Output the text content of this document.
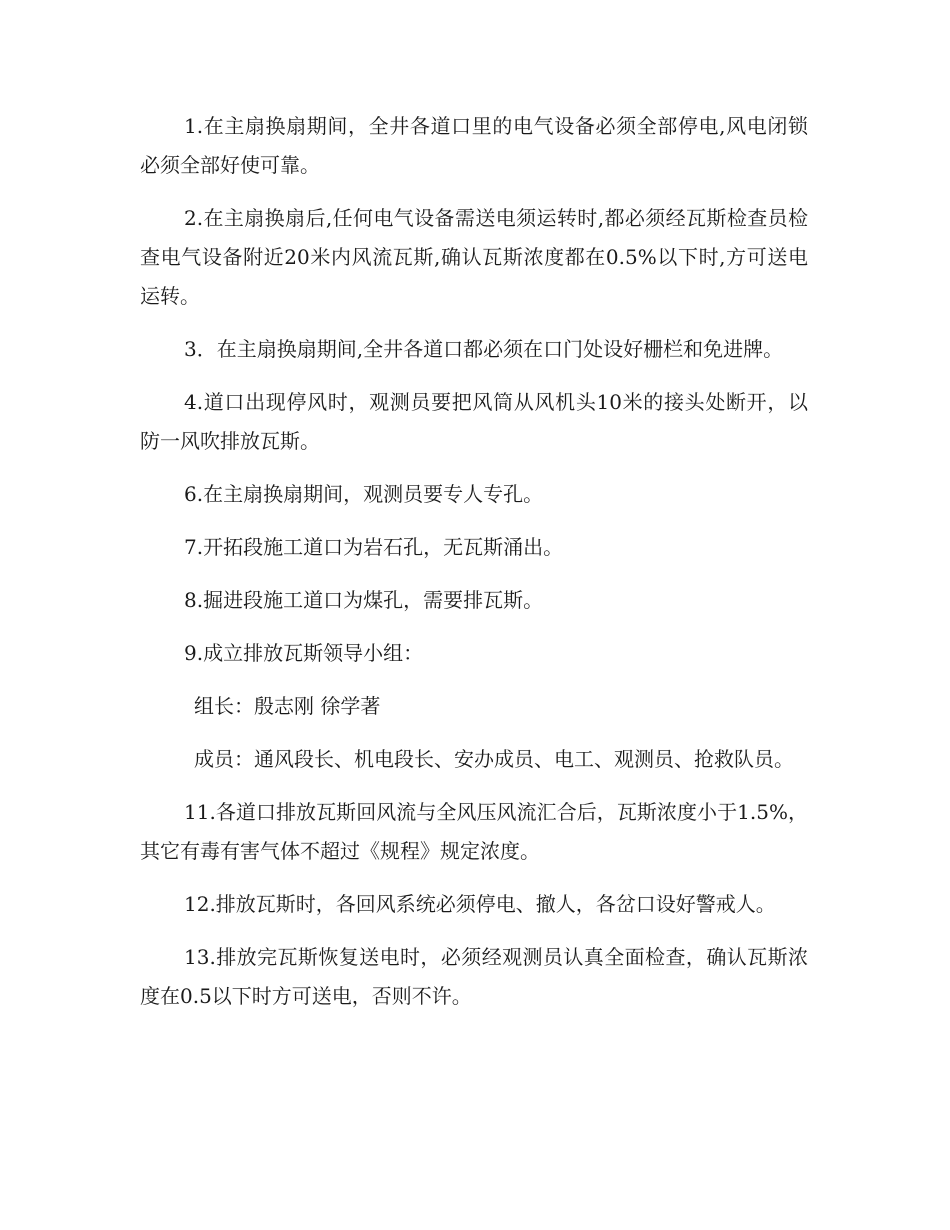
1.在主扇换扇期间，全井各道口里的电气设备必须全部停电,风电闭锁必须全部好使可靠。

2.在主扇换扇后,任何电气设备需送电须运转时,都必须经瓦斯检查员检查电气设备附近20米内风流瓦斯,确认瓦斯浓度都在0.5%以下时,方可送电运转。

3．在主扇换扇期间,全井各道口都必须在口门处设好栅栏和免进牌。

4.道口出现停风时，观测员要把风筒从风机头10米的接头处断开，以防一风吹排放瓦斯。

6.在主扇换扇期间，观测员要专人专孔。

7.开拓段施工道口为岩石孔，无瓦斯涌出。

8.掘进段施工道口为煤孔，需要排瓦斯。

9.成立排放瓦斯领导小组：

组长：殷志刚 徐学著

成员：通风段长、机电段长、安办成员、电工、观测员、抢救队员。

11.各道口排放瓦斯回风流与全风压风流汇合后，瓦斯浓度小于1.5%，其它有毒有害气体不超过《规程》规定浓度。

12.排放瓦斯时，各回风系统必须停电、撤人，各岔口设好警戒人。

13.排放完瓦斯恢复送电时，必须经观测员认真全面检查，确认瓦斯浓度在0.5以下时方可送电，否则不许。
